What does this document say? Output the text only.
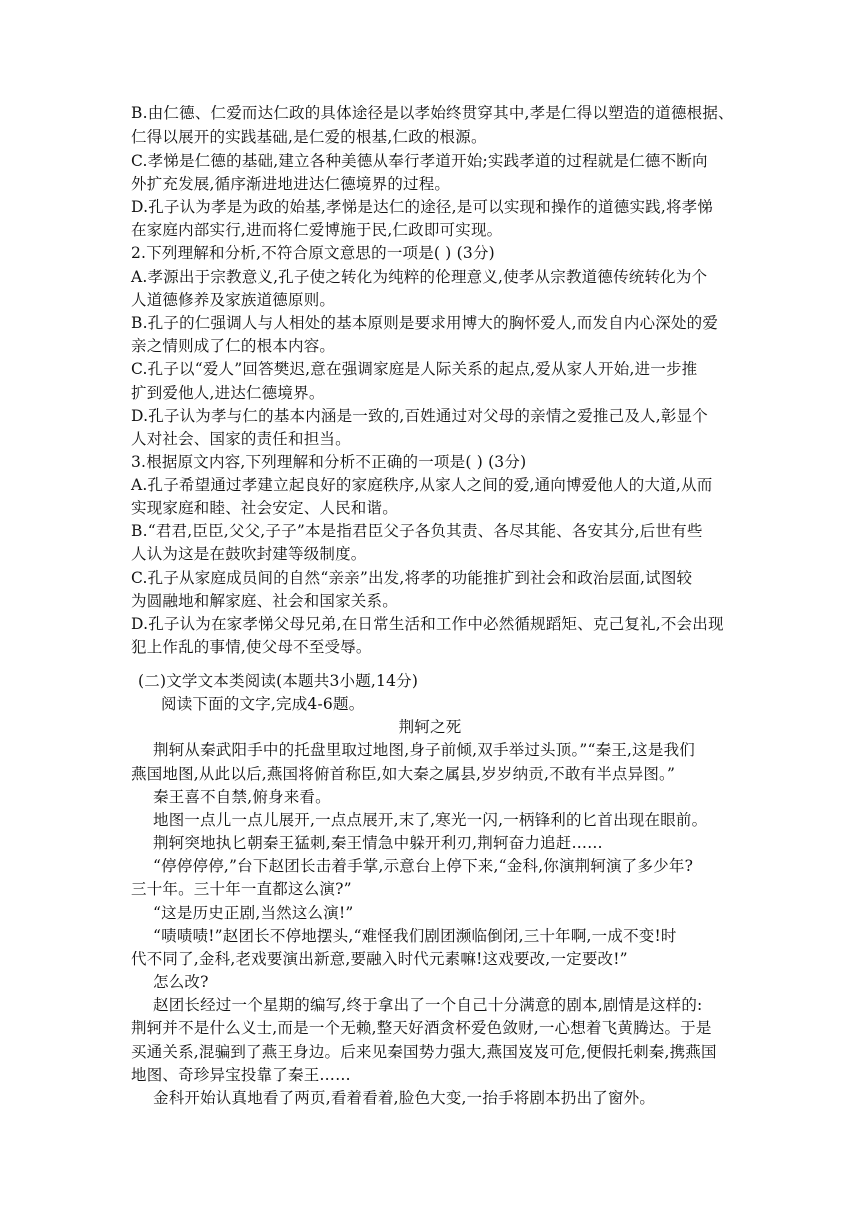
B.由仁德、仁爱而达仁政的具体途径是以孝始终贯穿其中,孝是仁得以塑造的道德根据、
仁得以展开的实践基础,是仁爱的根基,仁政的根源。
C.孝悌是仁德的基础,建立各种美德从奉行孝道开始;实践孝道的过程就是仁德不断向
外扩充发展,循序渐进地进达仁德境界的过程。
D.孔子认为孝是为政的始基,孝悌是达仁的途径,是可以实现和操作的道德实践,将孝悌
在家庭内部实行,进而将仁爱博施于民,仁政即可实现。
2.下列理解和分析,不符合原文意思的一项是( ) (3分)
A.孝源出于宗教意义,孔子使之转化为纯粹的伦理意义,使孝从宗教道德传统转化为个
人道德修养及家族道德原则。
B.孔子的仁强调人与人相处的基本原则是要求用博大的胸怀爱人,而发自内心深处的爱
亲之情则成了仁的根本内容。
C.孔子以“爱人”回答樊迟,意在强调家庭是人际关系的起点,爱从家人开始,进一步推
扩到爱他人,进达仁德境界。
D.孔子认为孝与仁的基本内涵是一致的,百姓通过对父母的亲情之爱推己及人,彰显个
人对社会、国家的责任和担当。
3.根据原文内容,下列理解和分析不正确的一项是( ) (3分)
A.孔子希望通过孝建立起良好的家庭秩序,从家人之间的爱,通向博爱他人的大道,从而
实现家庭和睦、社会安定、人民和谐。
B.“君君,臣臣,父父,子子”本是指君臣父子各负其责、各尽其能、各安其分,后世有些
人认为这是在鼓吹封建等级制度。
C.孔子从家庭成员间的自然“亲亲”出发,将孝的功能推扩到社会和政治层面,试图较
为圆融地和解家庭、社会和国家关系。
D.孔子认为在家孝悌父母兄弟,在日常生活和工作中必然循规蹈矩、克己复礼,不会出现
犯上作乱的事情,使父母不至受辱。
(二)文学文本类阅读(本题共3小题,14分)
阅读下面的文字,完成4-6题。
荆轲之死
荆轲从秦武阳手中的托盘里取过地图,身子前倾,双手举过头顶。”“秦王,这是我们
燕国地图,从此以后,燕国将俯首称臣,如大秦之属县,岁岁纳贡,不敢有半点异图。”
秦王喜不自禁,俯身来看。
地图一点儿一点儿展开,一点点展开,末了,寒光一闪,一柄锋利的匕首出现在眼前。
荆轲突地执匕朝秦王猛刺,秦王情急中躲开利刃,荆轲奋力追赶……
“停停停停,”台下赵团长击着手掌,示意台上停下来,“金科,你演荆轲演了多少年?
三十年。三十年一直都这么演?”
“这是历史正剧,当然这么演!”
“啧啧啧!”赵团长不停地摆头,“难怪我们剧团濒临倒闭,三十年啊,一成不变!时
代不同了,金科,老戏要演出新意,要融入时代元素嘛!这戏要改,一定要改!”
怎么改?
赵团长经过一个星期的编写,终于拿出了一个自己十分满意的剧本,剧情是这样的:
荆轲并不是什么义士,而是一个无赖,整天好酒贪杯爱色敛财,一心想着飞黄腾达。于是
买通关系,混骗到了燕王身边。后来见秦国势力强大,燕国岌岌可危,便假托刺秦,携燕国
地图、奇珍异宝投靠了秦王……
金科开始认真地看了两页,看着看着,脸色大变,一抬手将剧本扔出了窗外。
